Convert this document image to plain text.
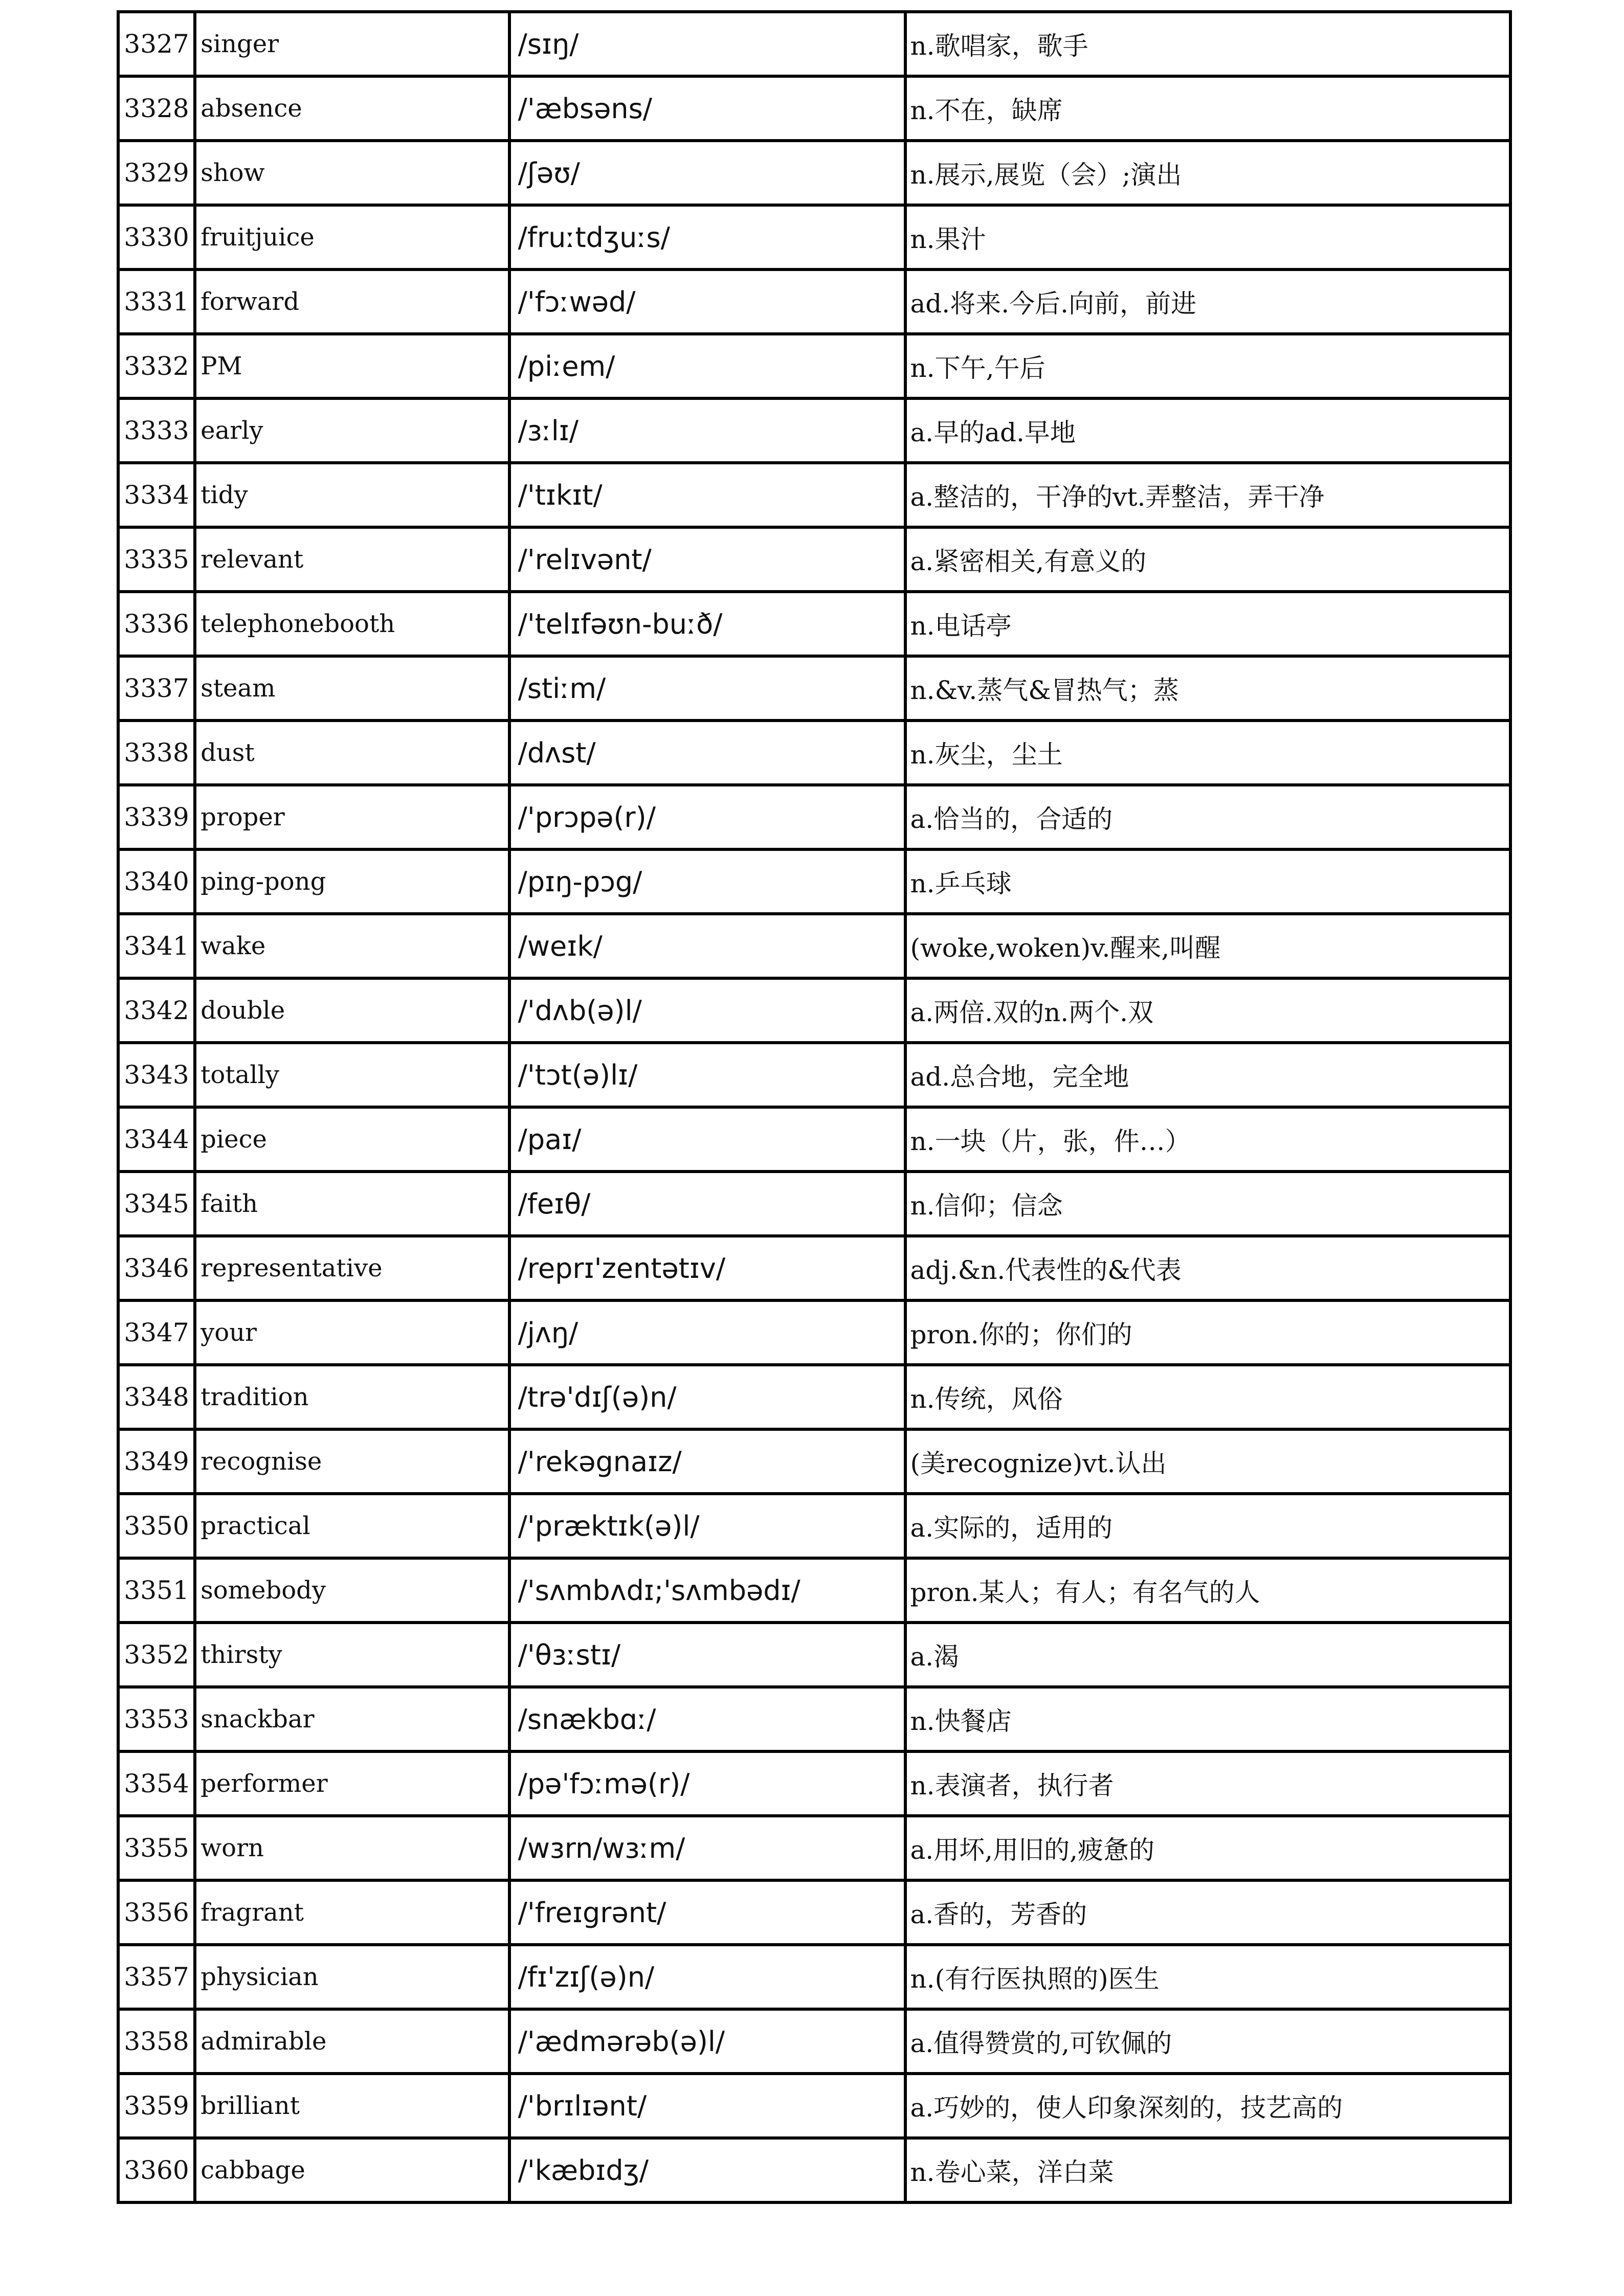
3327	singer	/sɪŋ/	n.歌唱家，歌手
3328	absence	/'æbsəns/	n.不在，缺席
3329	show	/ʃəʊ/	n.展示,展览（会）;演出
3330	fruitjuice	/fruːtdʒuːs/	n.果汁
3331	forward	/'fɔːwəd/	ad.将来.今后.向前，前进
3332	PM	/piːem/	n.下午,午后
3333	early	/ɜːlɪ/	a.早的ad.早地
3334	tidy	/'tɪkɪt/	a.整洁的，干净的vt.弄整洁，弄干净
3335	relevant	/'relɪvənt/	a.紧密相关,有意义的
3336	telephonebooth	/'telɪfəʊn-buːð/	n.电话亭
3337	steam	/stiːm/	n.&v.蒸气&冒热气；蒸
3338	dust	/dʌst/	n.灰尘，尘土
3339	proper	/'prɔpə(r)/	a.恰当的，合适的
3340	ping-pong	/pɪŋ-pɔg/	n.乒乓球
3341	wake	/weɪk/	(woke,woken)v.醒来,叫醒
3342	double	/'dʌb(ə)l/	a.两倍.双的n.两个.双
3343	totally	/'tɔt(ə)lɪ/	ad.总合地，完全地
3344	piece	/paɪ/	n.一块（片，张，件…）
3345	faith	/feɪθ/	n.信仰；信念
3346	representative	/reprɪ'zentətɪv/	adj.&n.代表性的&代表
3347	your	/jʌŋ/	pron.你的；你们的
3348	tradition	/trə'dɪʃ(ə)n/	n.传统，风俗
3349	recognise	/'rekəgnaɪz/	(美recognize)vt.认出
3350	practical	/'præktɪk(ə)l/	a.实际的，适用的
3351	somebody	/'sʌmbʌdɪ;'sʌmbədɪ/	pron.某人；有人；有名气的人
3352	thirsty	/'θɜːstɪ/	a.渴
3353	snackbar	/snækbɑː/	n.快餐店
3354	performer	/pə'fɔːmə(r)/	n.表演者，执行者
3355	worn	/wɜrn/wɜːm/	a.用坏,用旧的,疲惫的
3356	fragrant	/'freɪgrənt/	a.香的，芳香的
3357	physician	/fɪ'zɪʃ(ə)n/	n.(有行医执照的)医生
3358	admirable	/'ædmərəb(ə)l/	a.值得赞赏的,可钦佩的
3359	brilliant	/'brɪlɪənt/	a.巧妙的，使人印象深刻的，技艺高的
3360	cabbage	/'kæbɪdʒ/	n.卷心菜，洋白菜
